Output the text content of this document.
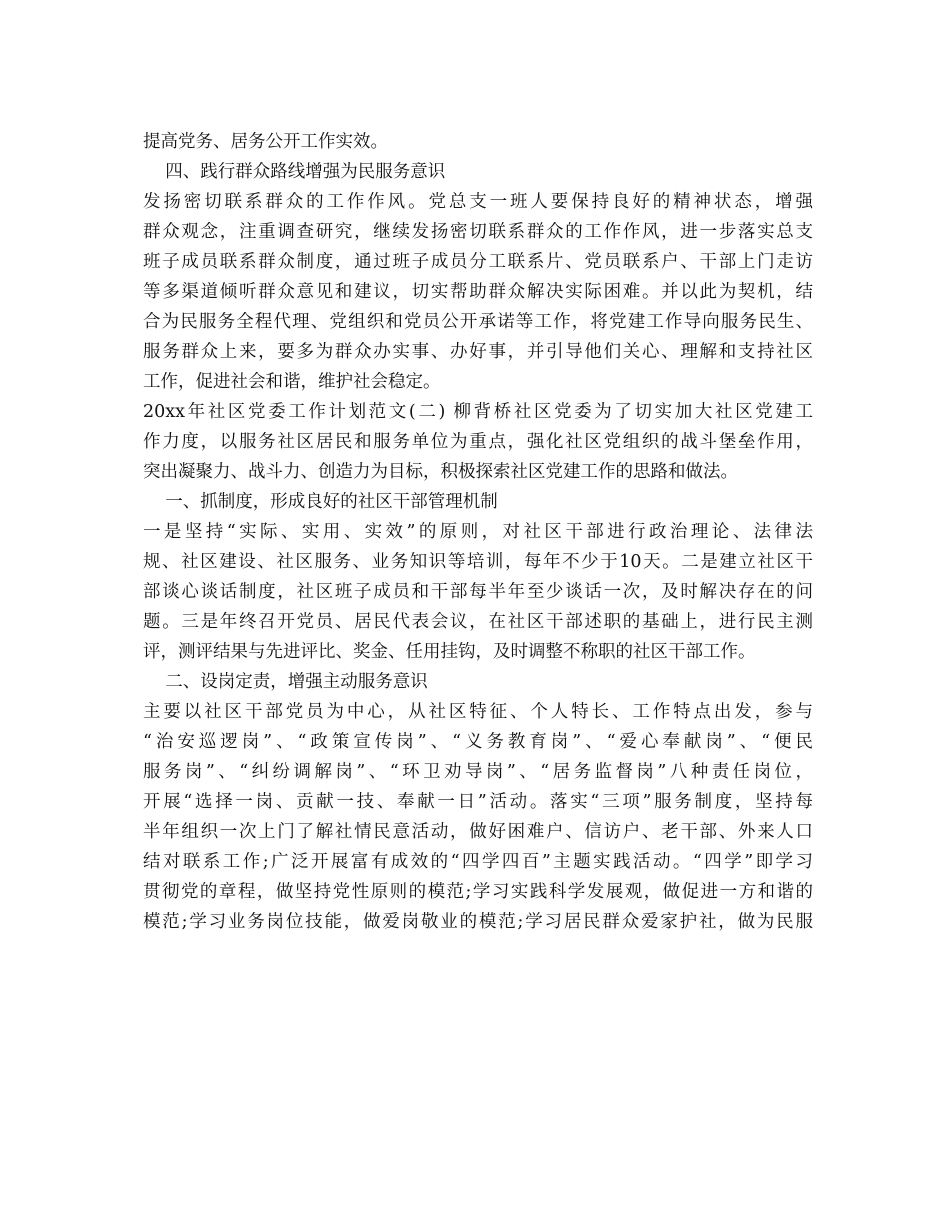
提高党务、居务公开工作实效。
四、践行群众路线增强为民服务意识
发扬密切联系群众的工作作风。党总支一班人要保持良好的精神状态，增强
群众观念，注重调查研究，继续发扬密切联系群众的工作作风，进一步落实总支
班子成员联系群众制度，通过班子成员分工联系片、党员联系户、干部上门走访
等多渠道倾听群众意见和建议，切实帮助群众解决实际困难。并以此为契机，结
合为民服务全程代理、党组织和党员公开承诺等工作，将党建工作导向服务民生、
服务群众上来，要多为群众办实事、办好事，并引导他们关心、理解和支持社区
工作，促进社会和谐，维护社会稳定。
20xx年社区党委工作计划范文(二) 柳背桥社区党委为了切实加大社区党建工
作力度，以服务社区居民和服务单位为重点，强化社区党组织的战斗堡垒作用，
突出凝聚力、战斗力、创造力为目标，积极探索社区党建工作的思路和做法。
一、抓制度，形成良好的社区干部管理机制
一是坚持“实际、实用、实效”的原则，对社区干部进行政治理论、法律法
规、社区建设、社区服务、业务知识等培训，每年不少于10天。二是建立社区干
部谈心谈话制度，社区班子成员和干部每半年至少谈话一次，及时解决存在的问
题。三是年终召开党员、居民代表会议，在社区干部述职的基础上，进行民主测
评，测评结果与先进评比、奖金、任用挂钩，及时调整不称职的社区干部工作。
二、设岗定责，增强主动服务意识
主要以社区干部党员为中心，从社区特征、个人特长、工作特点出发，参与
“治安巡逻岗”、“政策宣传岗”、“义务教育岗”、“爱心奉献岗”、“便民
服务岗”、“纠纷调解岗”、“环卫劝导岗”、“居务监督岗”八种责任岗位，
开展“选择一岗、贡献一技、奉献一日”活动。落实“三项”服务制度，坚持每
半年组织一次上门了解社情民意活动，做好困难户、信访户、老干部、外来人口
结对联系工作;广泛开展富有成效的“四学四百”主题实践活动。“四学”即学习
贯彻党的章程，做坚持党性原则的模范;学习实践科学发展观，做促进一方和谐的
模范;学习业务岗位技能，做爱岗敬业的模范;学习居民群众爱家护社，做为民服
